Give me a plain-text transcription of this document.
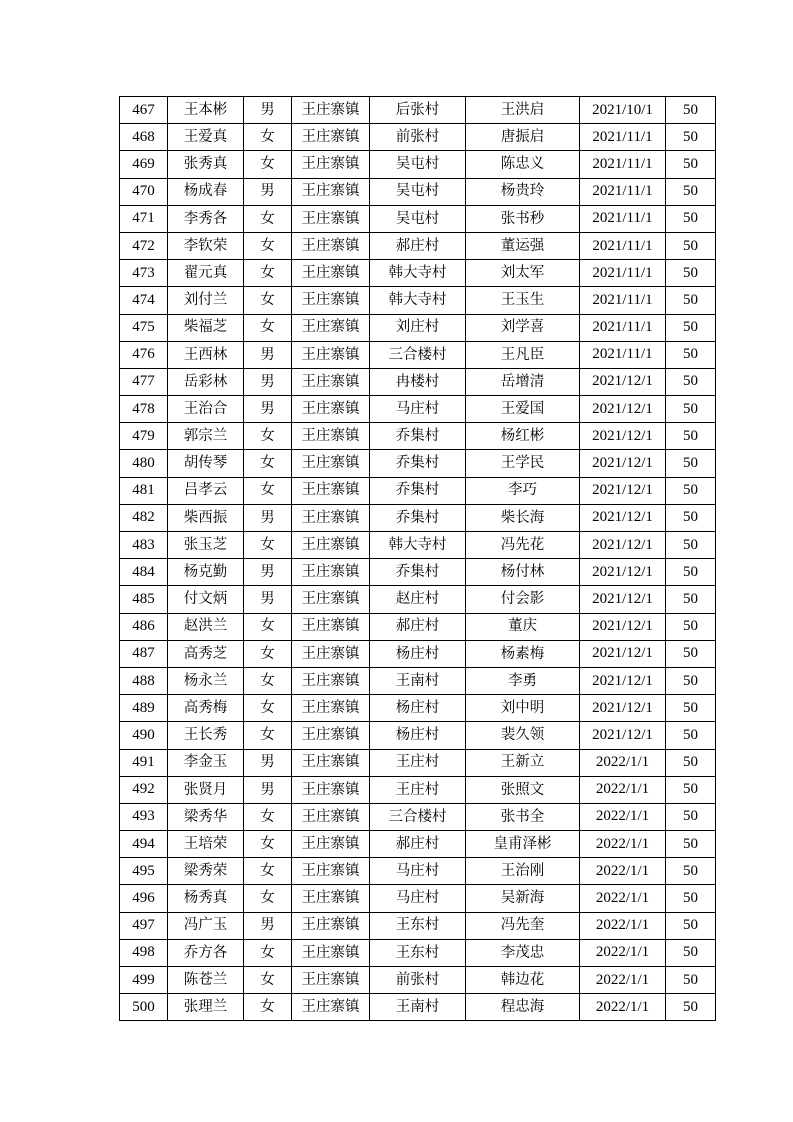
467	王本彬	男	王庄寨镇	后张村	王洪启	2021/10/1	50
468	王爱真	女	王庄寨镇	前张村	唐振启	2021/11/1	50
469	张秀真	女	王庄寨镇	吴屯村	陈忠义	2021/11/1	50
470	杨成春	男	王庄寨镇	吴屯村	杨贵玲	2021/11/1	50
471	李秀各	女	王庄寨镇	吴屯村	张书秒	2021/11/1	50
472	李钦荣	女	王庄寨镇	郝庄村	董运强	2021/11/1	50
473	翟元真	女	王庄寨镇	韩大寺村	刘太军	2021/11/1	50
474	刘付兰	女	王庄寨镇	韩大寺村	王玉生	2021/11/1	50
475	柴福芝	女	王庄寨镇	刘庄村	刘学喜	2021/11/1	50
476	王西林	男	王庄寨镇	三合楼村	王凡臣	2021/11/1	50
477	岳彩林	男	王庄寨镇	冉楼村	岳增清	2021/12/1	50
478	王治合	男	王庄寨镇	马庄村	王爱国	2021/12/1	50
479	郭宗兰	女	王庄寨镇	乔集村	杨红彬	2021/12/1	50
480	胡传琴	女	王庄寨镇	乔集村	王学民	2021/12/1	50
481	吕孝云	女	王庄寨镇	乔集村	李巧	2021/12/1	50
482	柴西振	男	王庄寨镇	乔集村	柴长海	2021/12/1	50
483	张玉芝	女	王庄寨镇	韩大寺村	冯先花	2021/12/1	50
484	杨克勤	男	王庄寨镇	乔集村	杨付林	2021/12/1	50
485	付文炳	男	王庄寨镇	赵庄村	付会影	2021/12/1	50
486	赵洪兰	女	王庄寨镇	郝庄村	董庆	2021/12/1	50
487	高秀芝	女	王庄寨镇	杨庄村	杨素梅	2021/12/1	50
488	杨永兰	女	王庄寨镇	王南村	李勇	2021/12/1	50
489	高秀梅	女	王庄寨镇	杨庄村	刘中明	2021/12/1	50
490	王长秀	女	王庄寨镇	杨庄村	裴久领	2021/12/1	50
491	李金玉	男	王庄寨镇	王庄村	王新立	2022/1/1	50
492	张贤月	男	王庄寨镇	王庄村	张照文	2022/1/1	50
493	梁秀华	女	王庄寨镇	三合楼村	张书全	2022/1/1	50
494	王培荣	女	王庄寨镇	郝庄村	皇甫泽彬	2022/1/1	50
495	梁秀荣	女	王庄寨镇	马庄村	王治刚	2022/1/1	50
496	杨秀真	女	王庄寨镇	马庄村	吴新海	2022/1/1	50
497	冯广玉	男	王庄寨镇	王东村	冯先奎	2022/1/1	50
498	乔方各	女	王庄寨镇	王东村	李茂忠	2022/1/1	50
499	陈苍兰	女	王庄寨镇	前张村	韩边花	2022/1/1	50
500	张理兰	女	王庄寨镇	王南村	程忠海	2022/1/1	50
